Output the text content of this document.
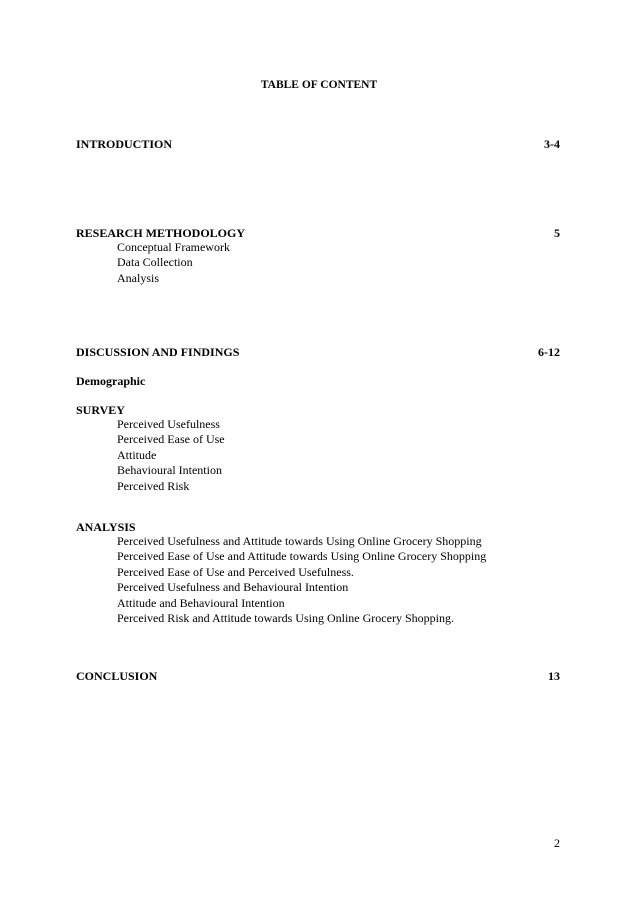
TABLE OF CONTENT
INTRODUCTION	3-4
RESEARCH METHODOLOGY	5
Conceptual Framework
Data Collection
Analysis
DISCUSSION AND FINDINGS	6-12
Demographic
SURVEY
Perceived Usefulness
Perceived Ease of Use
Attitude
Behavioural Intention
Perceived Risk
ANALYSIS
Perceived Usefulness and Attitude towards Using Online Grocery Shopping
Perceived Ease of Use and Attitude towards Using Online Grocery Shopping
Perceived Ease of Use and Perceived Usefulness.
Perceived Usefulness and Behavioural Intention
Attitude and Behavioural Intention
Perceived Risk and Attitude towards Using Online Grocery Shopping.
CONCLUSION	13
2
